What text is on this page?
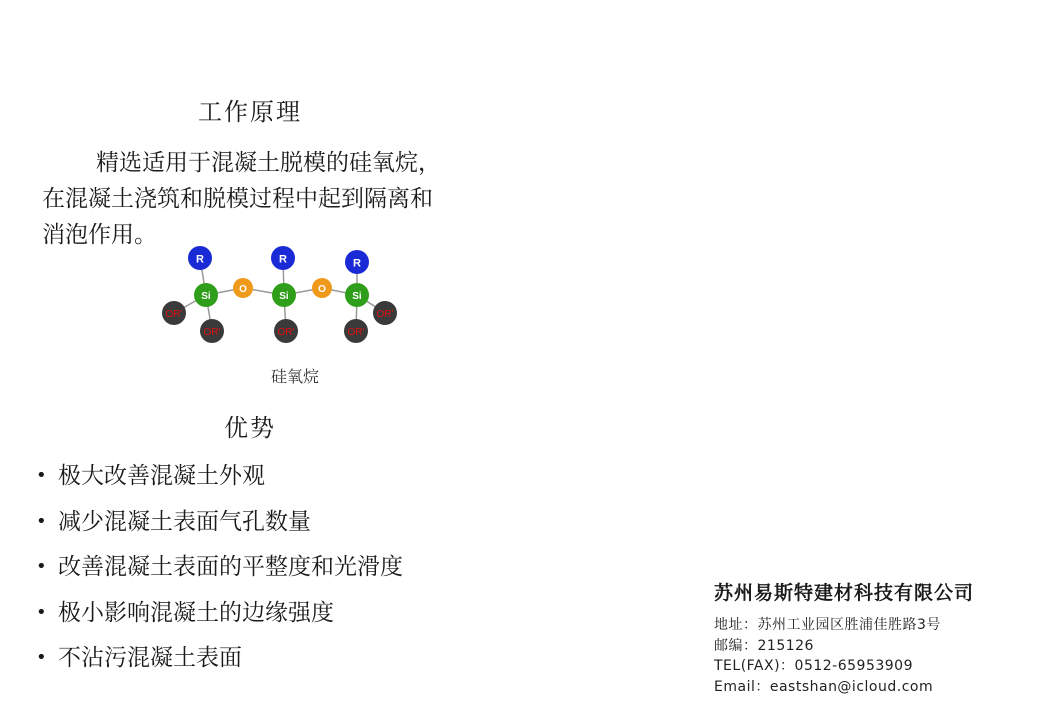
工作原理
精选适用于混凝土脱模的硅氧烷，
在混凝土浇筑和脱模过程中起到隔离和
消泡作用。
R	R	R
O	O
Si	Si	Si
OR'
OR'	OR'	OR'
OR'
硅氧烷
优势
• 极大改善混凝土外观
• 减少混凝土表面气孔数量
• 改善混凝土表面的平整度和光滑度
• 极小影响混凝土的边缘强度
• 不沾污混凝土表面
苏州易斯特建材科技有限公司
地址：苏州工业园区胜浦佳胜路3号
邮编：215126
TEL(FAX)：0512-65953909
Email：eastshan@icloud.com
